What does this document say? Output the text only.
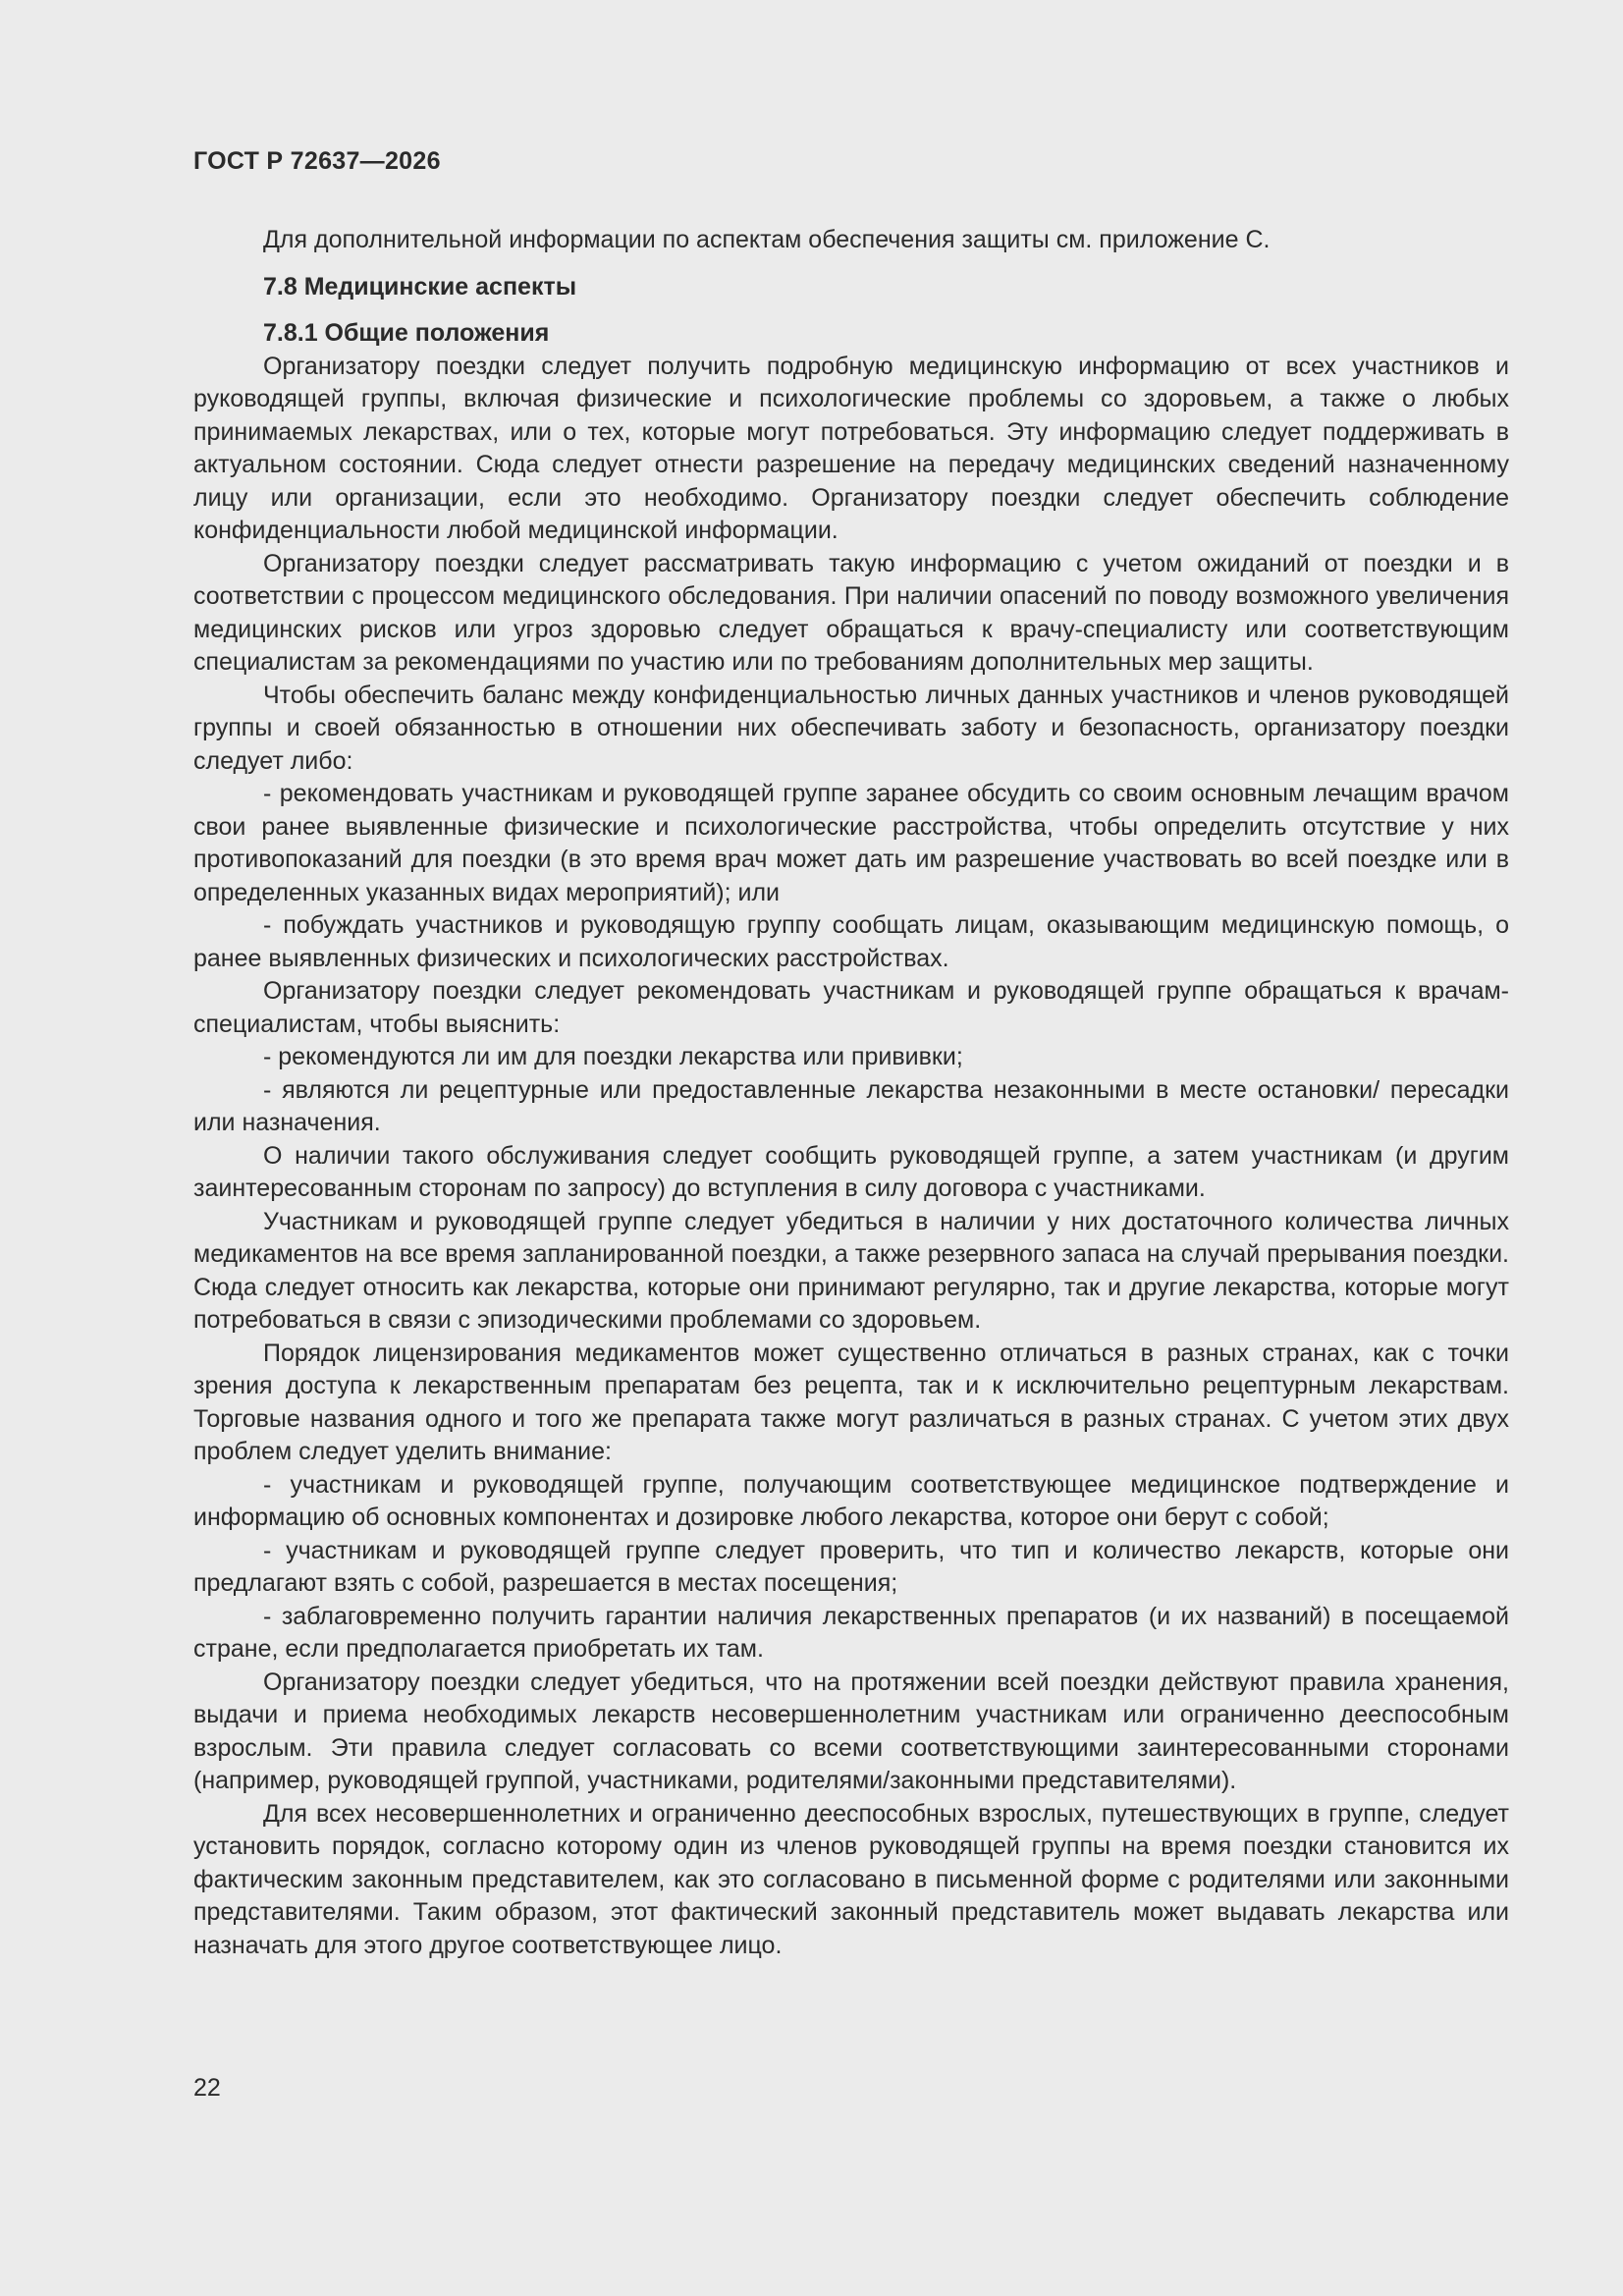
ГОСТ Р 72637—2026

Для дополнительной информации по аспектам обеспечения защиты см. приложение С.

7.8 Медицинские аспекты
7.8.1 Общие положения

Организатору поездки следует получить подробную медицинскую информацию от всех участников и руководящей группы, включая физические и психологические проблемы со здоровьем, а также о любых принимаемых лекарствах, или о тех, которые могут потребоваться. Эту информацию следует поддерживать в актуальном состоянии. Сюда следует отнести разрешение на передачу медицинских сведений назначенному лицу или организации, если это необходимо. Организатору поездки следует обеспечить соблюдение конфиденциальности любой медицинской информации.

Организатору поездки следует рассматривать такую информацию с учетом ожиданий от поездки и в соответствии с процессом медицинского обследования. При наличии опасений по поводу возможного увеличения медицинских рисков или угроз здоровью следует обращаться к врачу-специалисту или соответствующим специалистам за рекомендациями по участию или по требованиям дополнительных мер защиты.

Чтобы обеспечить баланс между конфиденциальностью личных данных участников и членов руководящей группы и своей обязанностью в отношении них обеспечивать заботу и безопасность, организатору поездки следует либо:

- рекомендовать участникам и руководящей группе заранее обсудить со своим основным лечащим врачом свои ранее выявленные физические и психологические расстройства, чтобы определить отсутствие у них противопоказаний для поездки (в это время врач может дать им разрешение участвовать во всей поездке или в определенных указанных видах мероприятий); или

- побуждать участников и руководящую группу сообщать лицам, оказывающим медицинскую помощь, о ранее выявленных физических и психологических расстройствах.

Организатору поездки следует рекомендовать участникам и руководящей группе обращаться к врачам-специалистам, чтобы выяснить:

- рекомендуются ли им для поездки лекарства или прививки;

- являются ли рецептурные или предоставленные лекарства незаконными в месте остановки/ пересадки или назначения.

О наличии такого обслуживания следует сообщить руководящей группе, а затем участникам (и другим заинтересованным сторонам по запросу) до вступления в силу договора с участниками.

Участникам и руководящей группе следует убедиться в наличии у них достаточного количества личных медикаментов на все время запланированной поездки, а также резервного запаса на случай прерывания поездки. Сюда следует относить как лекарства, которые они принимают регулярно, так и другие лекарства, которые могут потребоваться в связи с эпизодическими проблемами со здоровьем.

Порядок лицензирования медикаментов может существенно отличаться в разных странах, как с точки зрения доступа к лекарственным препаратам без рецепта, так и к исключительно рецептурным лекарствам. Торговые названия одного и того же препарата также могут различаться в разных странах. С учетом этих двух проблем следует уделить внимание:

- участникам и руководящей группе, получающим соответствующее медицинское подтверждение и информацию об основных компонентах и дозировке любого лекарства, которое они берут с собой;

- участникам и руководящей группе следует проверить, что тип и количество лекарств, которые они предлагают взять с собой, разрешается в местах посещения;

- заблаговременно получить гарантии наличия лекарственных препаратов (и их названий) в посещаемой стране, если предполагается приобретать их там.

Организатору поездки следует убедиться, что на протяжении всей поездки действуют правила хранения, выдачи и приема необходимых лекарств несовершеннолетним участникам или ограниченно дееспособным взрослым. Эти правила следует согласовать со всеми соответствующими заинтересованными сторонами (например, руководящей группой, участниками, родителями/законными представителями).

Для всех несовершеннолетних и ограниченно дееспособных взрослых, путешествующих в группе, следует установить порядок, согласно которому один из членов руководящей группы на время поездки становится их фактическим законным представителем, как это согласовано в письменной форме с родителями или законными представителями. Таким образом, этот фактический законный представитель может выдавать лекарства или назначать для этого другое соответствующее лицо.

22
